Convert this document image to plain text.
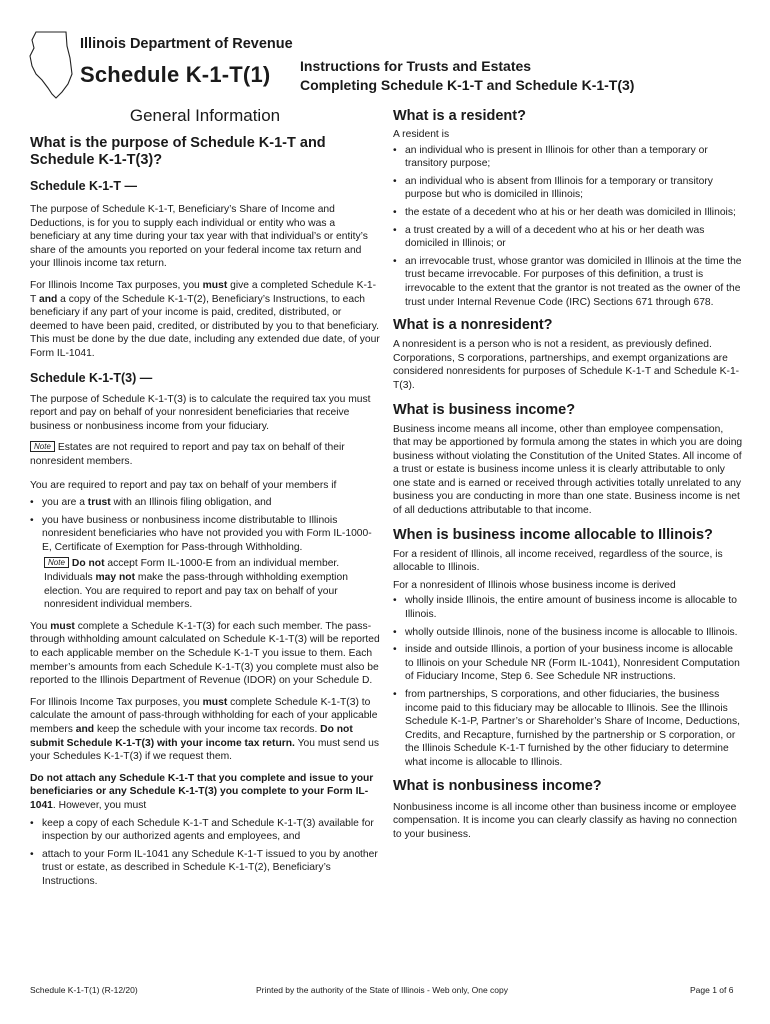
Illinois Department of Revenue
Schedule K-1-T(1) Instructions for Trusts and Estates
Completing Schedule K-1-T and Schedule K-1-T(3)
General Information

What is the purpose of Schedule K-1-T and Schedule K-1-T(3)?

Schedule K-1-T —

The purpose of Schedule K-1-T, Beneficiary’s Share of Income and Deductions, is for you to supply each individual or entity who was a beneficiary at any time during your tax year with that individual’s or entity’s share of the amounts you reported on your federal income tax return and your Illinois income tax return.

For Illinois Income Tax purposes, you must give a completed Schedule K-1-T and a copy of the Schedule K-1-T(2), Beneficiary’s Instructions, to each beneficiary if any part of your income is paid, credited, distributed, or deemed to have been paid, credited, or distributed by you to that beneficiary. This must be done by the due date, including any extended due date, of your Form IL-1041.

Schedule K-1-T(3) —

The purpose of Schedule K-1-T(3) is to calculate the required tax you must report and pay on behalf of your nonresident beneficiaries that receive business or nonbusiness income from your fiduciary.

Note Estates are not required to report and pay tax on behalf of their nonresident members.

You are required to report and pay tax on behalf of your members if

• you are a trust with an Illinois filing obligation, and
• you have business or nonbusiness income distributable to Illinois nonresident beneficiaries who have not provided you with Form IL-1000-E, Certificate of Exemption for Pass-through Withholding.

Note Do not accept Form IL-1000-E from an individual member. Individuals may not make the pass-through withholding exemption election. You are required to report and pay tax on behalf of your nonresident individual members.

You must complete a Schedule K-1-T(3) for each such member. The pass-through withholding amount calculated on Schedule K-1-T(3) will be reported to each applicable member on the Schedule K-1-T you issue to them. Each member’s amounts from each Schedule K-1-T(3) you complete must also be reported to the Illinois Department of Revenue (IDOR) on your Schedule D.

For Illinois Income Tax purposes, you must complete Schedule K-1-T(3) to calculate the amount of pass-through withholding for each of your applicable members and keep the schedule with your income tax records. Do not submit Schedule K-1-T(3) with your income tax return. You must send us your Schedules K-1-T(3) if we request them.

Do not attach any Schedule K-1-T that you complete and issue to your beneficiaries or any Schedule K-1-T(3) you complete to your Form IL-1041. However, you must

• keep a copy of each Schedule K-1-T and Schedule K-1-T(3) available for inspection by our authorized agents and employees, and
• attach to your Form IL-1041 any Schedule K-1-T issued to you by another trust or estate, as described in Schedule K-1-T(2), Beneficiary’s Instructions.

What is a resident?

A resident is

• an individual who is present in Illinois for other than a temporary or transitory purpose;
• an individual who is absent from Illinois for a temporary or transitory purpose but who is domiciled in Illinois;
• the estate of a decedent who at his or her death was domiciled in Illinois;
• a trust created by a will of a decedent who at his or her death was domiciled in Illinois; or
• an irrevocable trust, whose grantor was domiciled in Illinois at the time the trust became irrevocable. For purposes of this definition, a trust is irrevocable to the extent that the grantor is not treated as the owner of the trust under Internal Revenue Code (IRC) Sections 671 through 678.

What is a nonresident?

A nonresident is a person who is not a resident, as previously defined. Corporations, S corporations, partnerships, and exempt organizations are considered nonresidents for purposes of Schedule K-1-T and Schedule K-1-T(3).

What is business income?

Business income means all income, other than employee compensation, that may be apportioned by formula among the states in which you are doing business without violating the Constitution of the United States. All income of a trust or estate is business income unless it is clearly attributable to only one state and is earned or received through activities totally unrelated to any business you are conducting in more than one state. Business income is net of all deductions attributable to that income.

When is business income allocable to Illinois?

For a resident of Illinois, all income received, regardless of the source, is allocable to Illinois.

For a nonresident of Illinois whose business income is derived

• wholly inside Illinois, the entire amount of business income is allocable to Illinois.
• wholly outside Illinois, none of the business income is allocable to Illinois.
• inside and outside Illinois, a portion of your business income is allocable to Illinois on your Schedule NR (Form IL-1041), Nonresident Computation of Fiduciary Income, Step 6. See Schedule NR instructions.
• from partnerships, S corporations, and other fiduciaries, the business income paid to this fiduciary may be allocable to Illinois. See the Illinois Schedule K-1-P, Partner’s or Shareholder’s Share of Income, Deductions, Credits, and Recapture, furnished by the partnership or S corporation, or the Illinois Schedule K-1-T furnished by the other fiduciary to determine what income is allocable to Illinois.

What is nonbusiness income?

Nonbusiness income is all income other than business income or employee compensation. It is income you can clearly classify as having no connection to your business.

Schedule K-1-T(1) (R-12/20)	Printed by the authority of the State of Illinois - Web only, One copy	Page 1 of 6
